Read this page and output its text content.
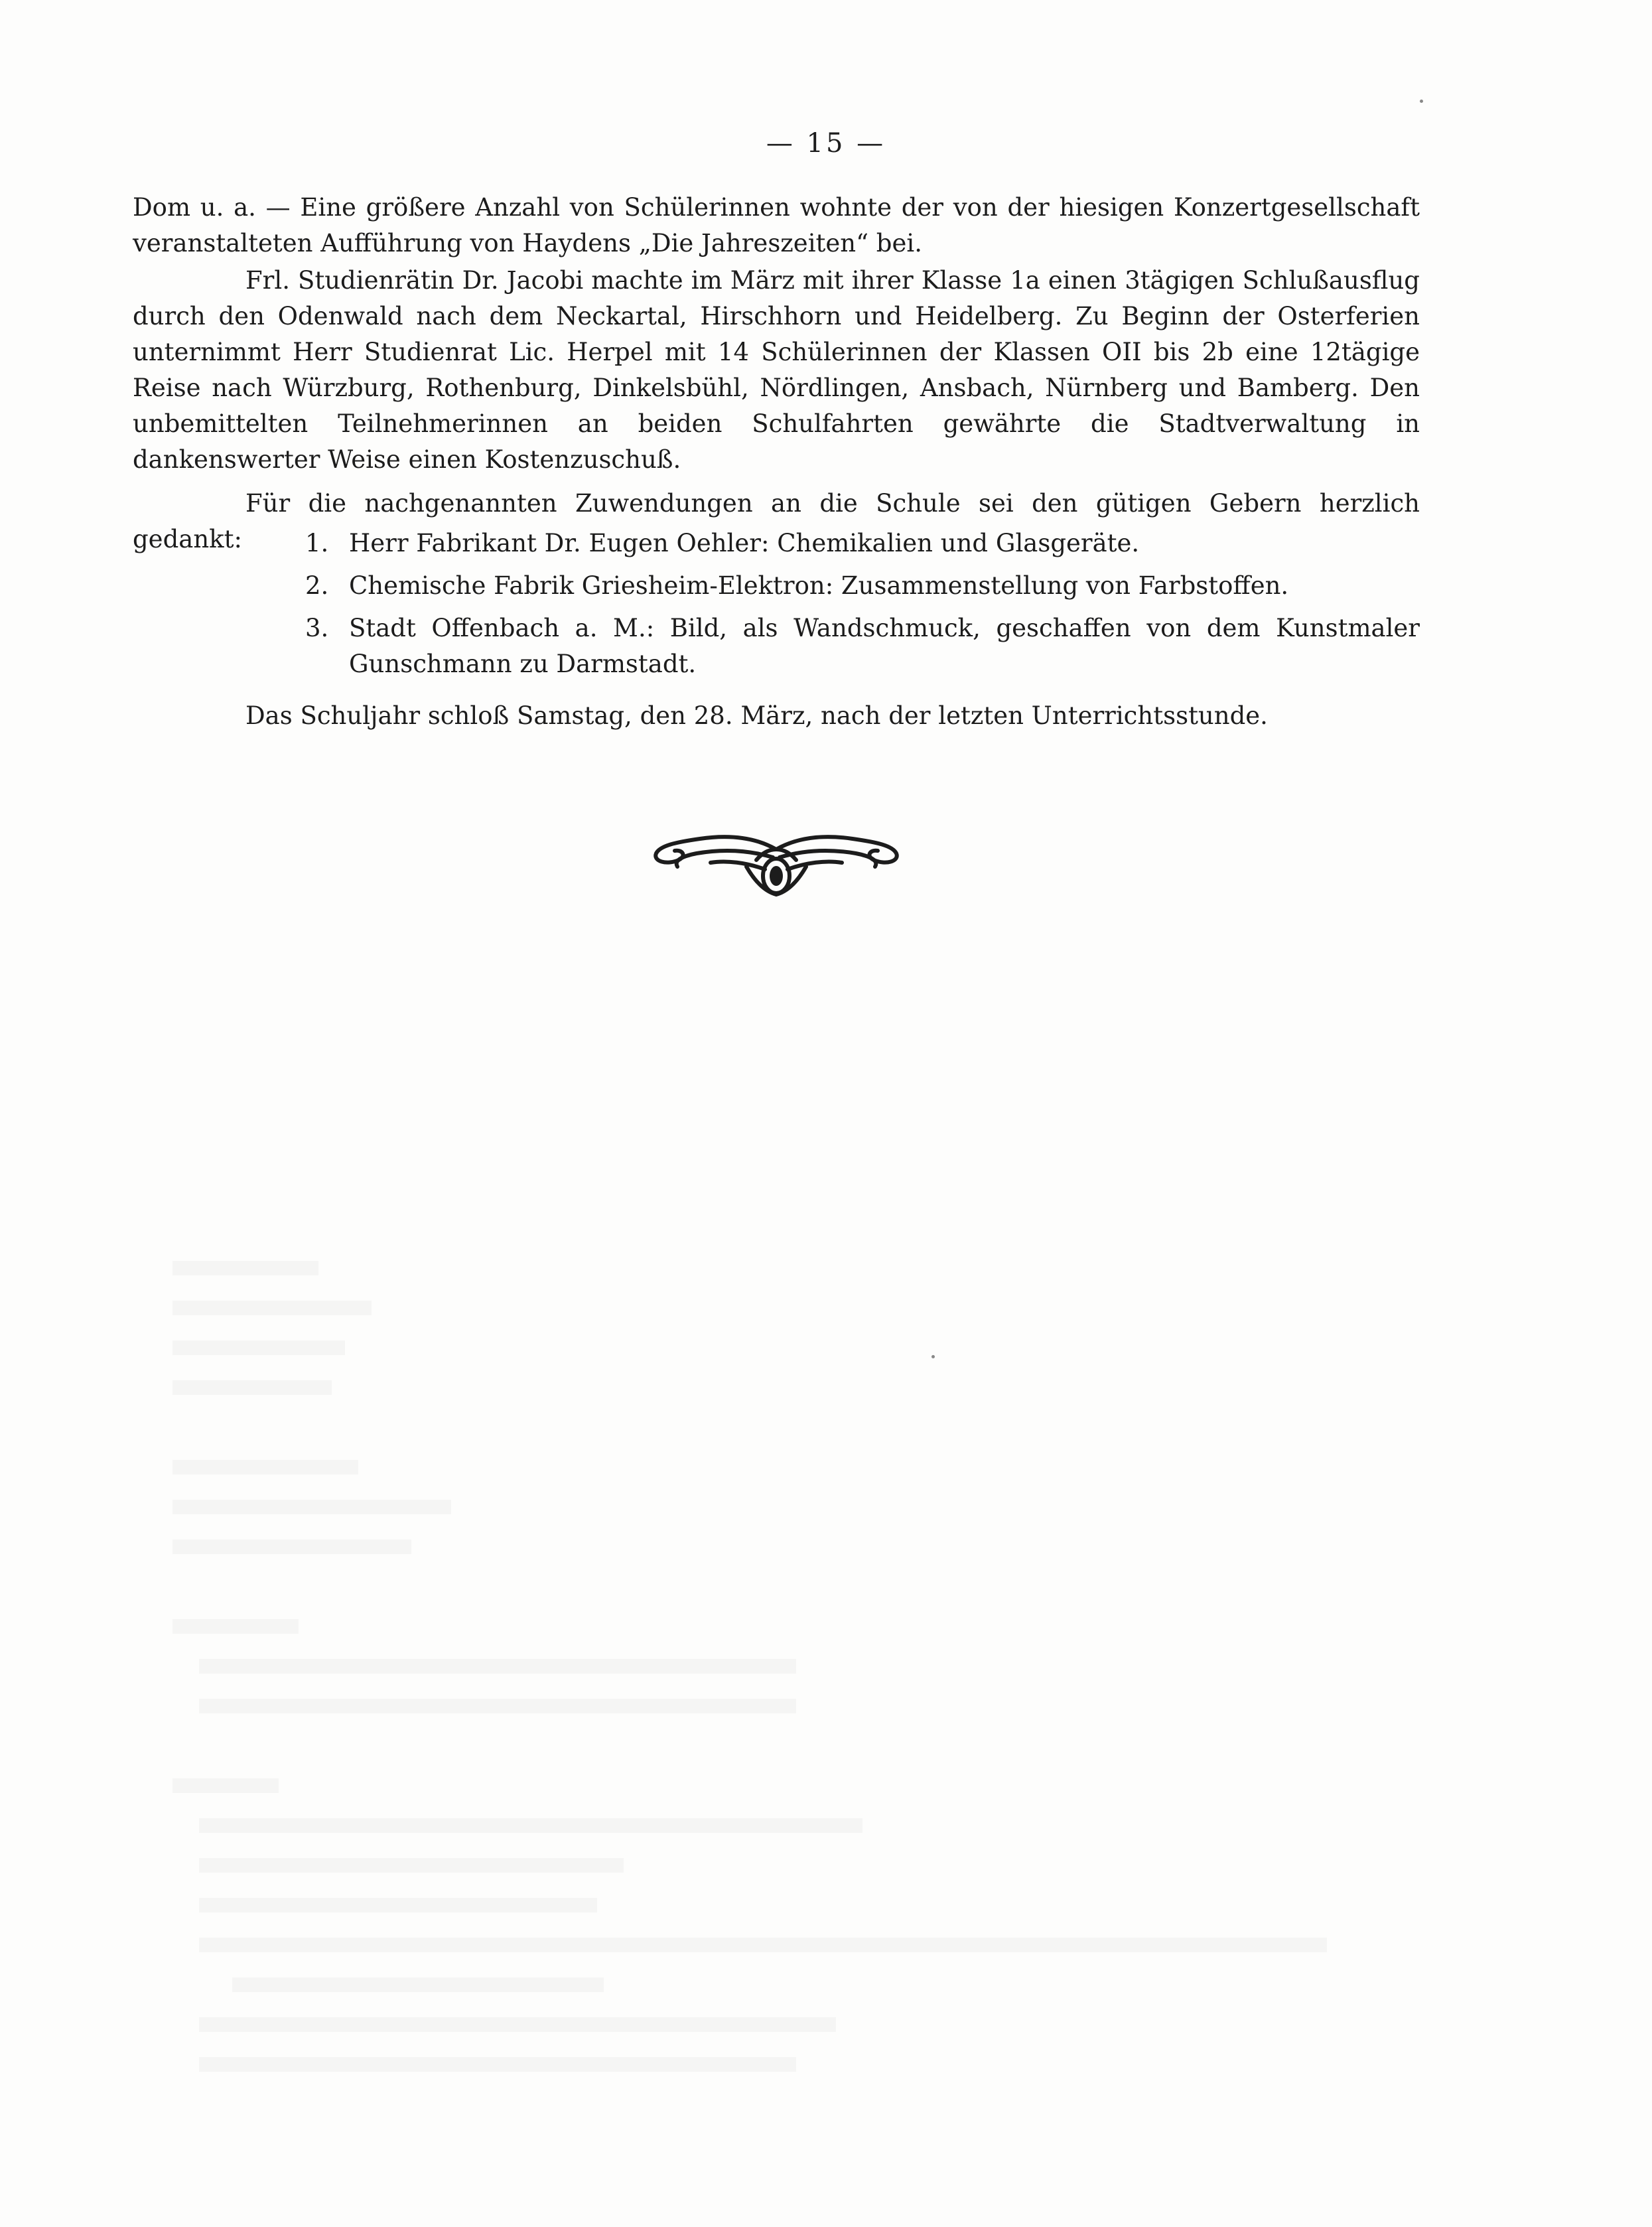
— 15 —

Dom u. a. — Eine größere Anzahl von Schülerinnen wohnte der von der hiesigen Konzertgesellschaft veranstalteten Aufführung von Haydens „Die Jahreszeiten“ bei.

Frl. Studienrätin Dr. Jacobi machte im März mit ihrer Klasse 1a einen 3tägigen Schlußausflug durch den Odenwald nach dem Neckartal, Hirschhorn und Heidelberg. Zu Beginn der Osterferien unternimmt Herr Studienrat Lic. Herpel mit 14 Schülerinnen der Klassen OII bis 2b eine 12tägige Reise nach Würzburg, Rothenburg, Dinkelsbühl, Nördlingen, Ansbach, Nürnberg und Bamberg. Den unbemittelten Teilnehmerinnen an beiden Schulfahrten gewährte die Stadtverwaltung in dankenswerter Weise einen Kostenzuschuß.

Für die nachgenannten Zuwendungen an die Schule sei den gütigen Gebern herzlich gedankt:	1. Herr Fabrikant Dr. Eugen Oehler: Chemikalien und Glasgeräte.
2. Chemische Fabrik Griesheim-Elektron: Zusammenstellung von Farbstoffen.
3. Stadt Offenbach a. M.: Bild, als Wandschmuck, geschaffen von dem Kunstmaler Gunschmann zu Darmstadt.

Das Schuljahr schloß Samstag, den 28. März, nach der letzten Unterrichtsstunde.
